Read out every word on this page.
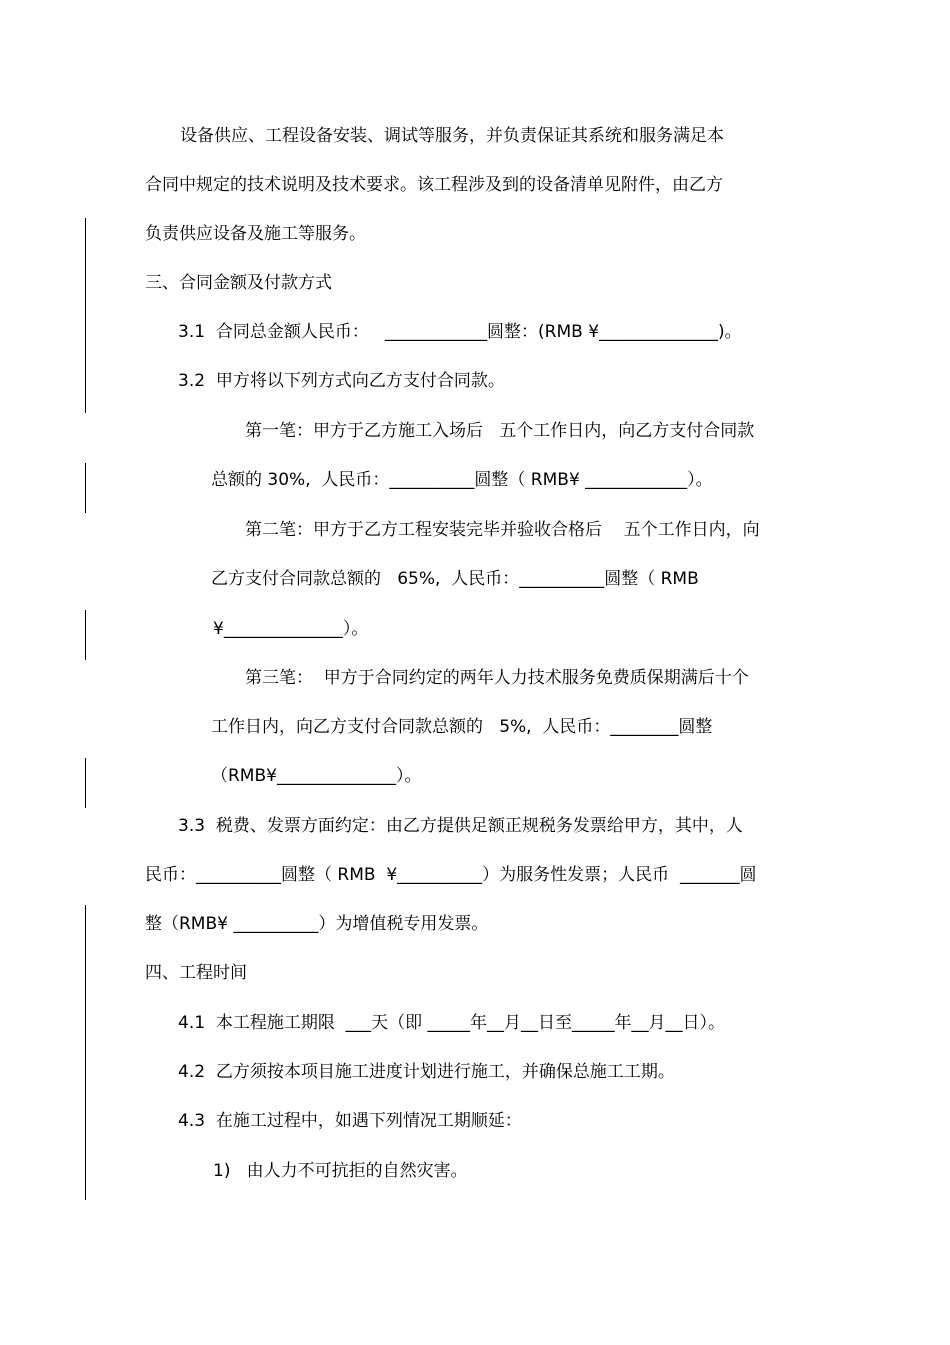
设备供应、工程设备安装、调试等服务，并负责保证其系统和服务满足本
合同中规定的技术说明及技术要求。该工程涉及到的设备清单见附件，由乙方
负责供应设备及施工等服务。
三、合同金额及付款方式
3.1  合同总金额人民币：   ____________圆整：(RMB ¥______________)。
3.2  甲方将以下列方式向乙方支付合同款。
第一笔：甲方于乙方施工入场后   五个工作日内，向乙方支付合同款
总额的 30%,  人民币：__________圆整（ RMB¥ ____________）。
第二笔：甲方于乙方工程安装完毕并验收合格后    五个工作日内，向
乙方支付合同款总额的   65%,  人民币：__________圆整（ RMB
¥______________）。
第三笔：  甲方于合同约定的两年人力技术服务免费质保期满后十个
工作日内，向乙方支付合同款总额的   5%,  人民币：________圆整
（RMB¥______________）。
3.3  税费、发票方面约定：由乙方提供足额正规税务发票给甲方，其中，人
民币：__________圆整（ RMB  ¥__________）为服务性发票；人民币  _______圆
整（RMB¥ __________）为增值税专用发票。
四、工程时间
4.1  本工程施工期限  ___天（即 _____年__月__日至_____年__月__日）。
4.2  乙方须按本项目施工进度计划进行施工，并确保总施工工期。
4.3  在施工过程中，如遇下列情况工期顺延：
1)   由人力不可抗拒的自然灾害。
